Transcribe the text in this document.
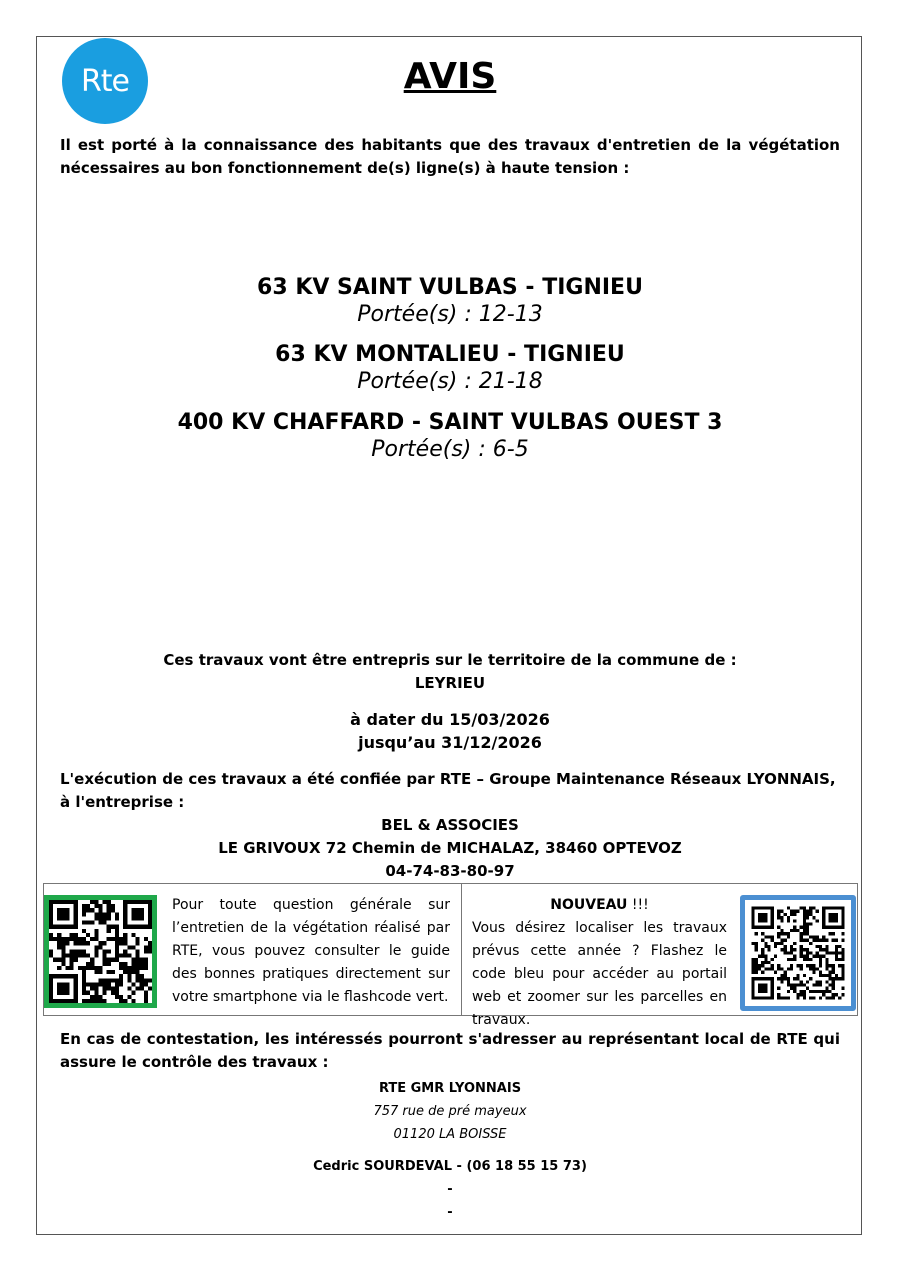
Rte	AVIS
Il est porté à la connaissance des habitants que des travaux d'entretien de la végétation nécessaires au bon fonctionnement de(s) ligne(s) à haute tension :
63 KV SAINT VULBAS - TIGNIEU
Portée(s) : 12-13
63 KV MONTALIEU - TIGNIEU
Portée(s) : 21-18
400 KV CHAFFARD - SAINT VULBAS OUEST 3
Portée(s) : 6-5
Ces travaux vont être entrepris sur le territoire de la commune de :
LEYRIEU
à dater du 15/03/2026
jusqu’au 31/12/2026
L'exécution de ces travaux a été confiée par RTE – Groupe Maintenance Réseaux LYONNAIS, à l'entreprise :
BEL & ASSOCIES
LE GRIVOUX 72 Chemin de MICHALAZ, 38460 OPTEVOZ
04-74-83-80-97
Pour toute question générale sur l’entretien de la végétation réalisé par RTE, vous pouvez consulter le guide des bonnes pratiques directement sur votre smartphone via le flashcode vert.
NOUVEAU !!!
Vous désirez localiser les travaux prévus cette année ? Flashez le code bleu pour accéder au portail web et zoomer sur les parcelles en travaux.
En cas de contestation, les intéressés pourront s'adresser au représentant local de RTE qui assure le contrôle des travaux :
RTE GMR LYONNAIS
757 rue de pré mayeux
01120 LA BOISSE
Cedric SOURDEVAL - (06 18 55 15 73)
-
-
